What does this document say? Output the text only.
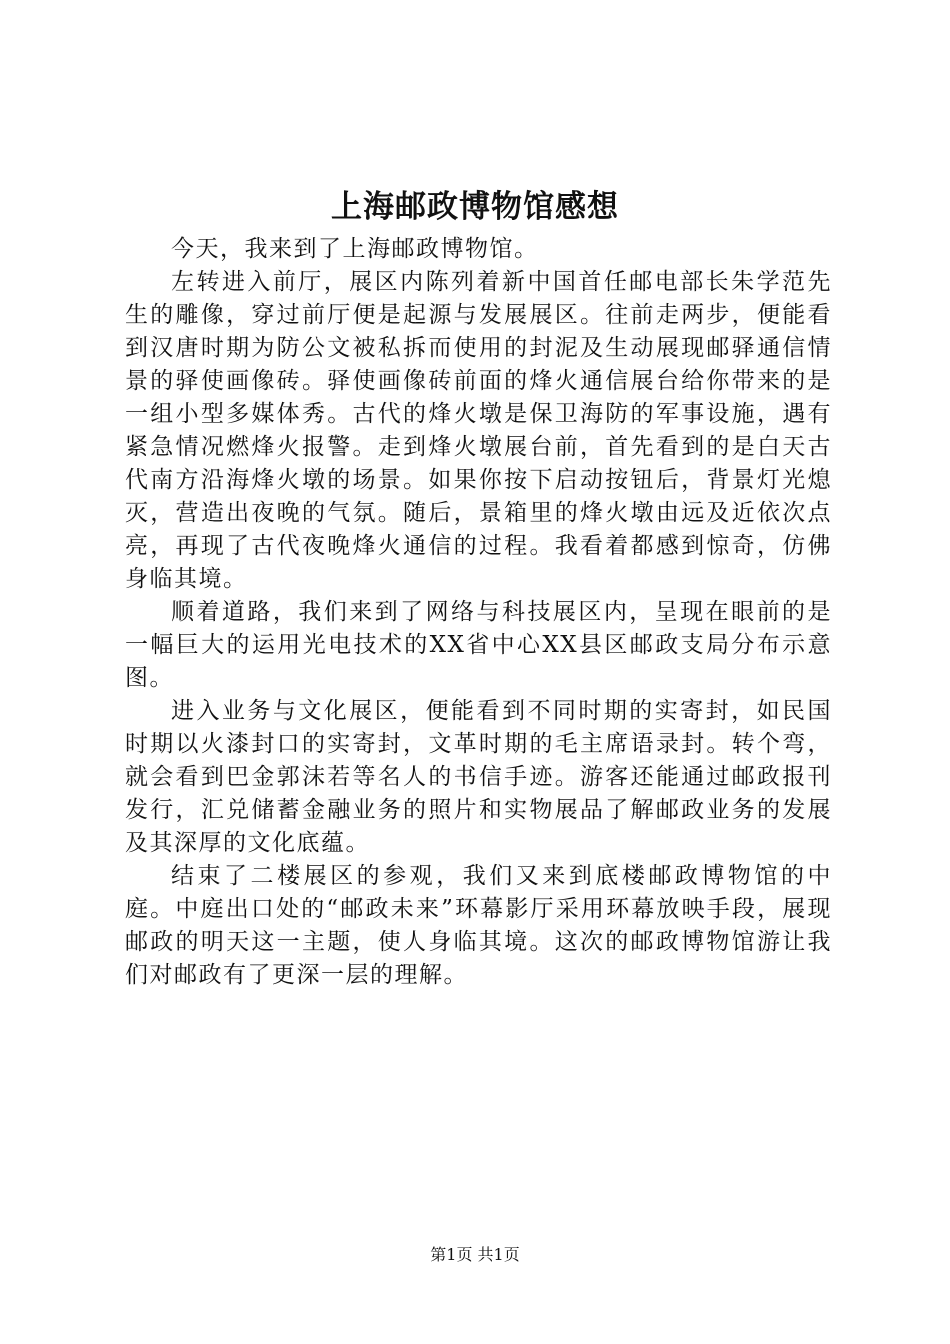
上海邮政博物馆感想

今天，我来到了上海邮政博物馆。

左转进入前厅，展区内陈列着新中国首任邮电部长朱学范先生的雕像，穿过前厅便是起源与发展展区。往前走两步，便能看到汉唐时期为防公文被私拆而使用的封泥及生动展现邮驿通信情景的驿使画像砖。驿使画像砖前面的烽火通信展台给你带来的是一组小型多媒体秀。古代的烽火墩是保卫海防的军事设施，遇有紧急情况燃烽火报警。走到烽火墩展台前，首先看到的是白天古代南方沿海烽火墩的场景。如果你按下启动按钮后，背景灯光熄灭，营造出夜晚的气氛。随后，景箱里的烽火墩由远及近依次点亮，再现了古代夜晚烽火通信的过程。我看着都感到惊奇，仿佛身临其境。

顺着道路，我们来到了网络与科技展区内，呈现在眼前的是一幅巨大的运用光电技术的XX省中心XX县区邮政支局分布示意图。

进入业务与文化展区，便能看到不同时期的实寄封，如民国时期以火漆封口的实寄封，文革时期的毛主席语录封。转个弯，就会看到巴金郭沫若等名人的书信手迹。游客还能通过邮政报刊发行，汇兑储蓄金融业务的照片和实物展品了解邮政业务的发展及其深厚的文化底蕴。

结束了二楼展区的参观，我们又来到底楼邮政博物馆的中庭。中庭出口处的“邮政未来”环幕影厅采用环幕放映手段，展现邮政的明天这一主题，使人身临其境。这次的邮政博物馆游让我们对邮政有了更深一层的理解。

第1页 共1页
